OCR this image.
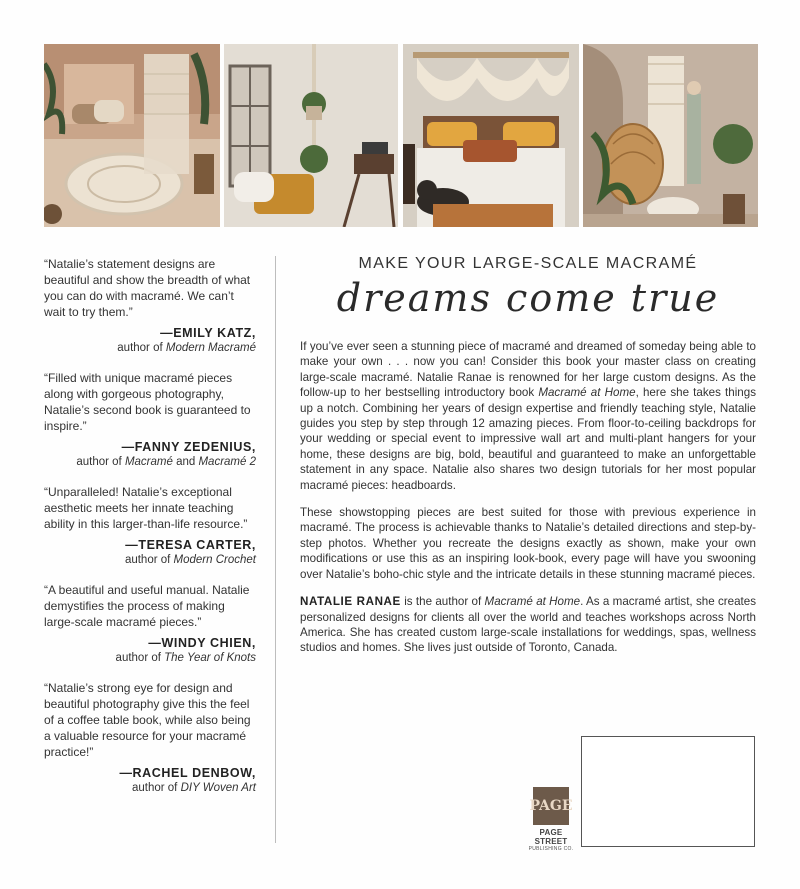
“Natalie’s statement designs are beautiful and show the breadth of what you can do with macramé. We can’t wait to try them.”

—EMILY KATZ,
author of Modern Macramé

“Filled with unique macramé pieces along with gorgeous photography, Natalie’s second book is guaranteed to inspire.”

—FANNY ZEDENIUS,
author of Macramé and Macramé 2

“Unparalleled! Natalie’s exceptional aesthetic meets her innate teaching ability in this larger-than-life resource.”

—TERESA CARTER,
author of Modern Crochet

“A beautiful and useful manual. Natalie demystifies the process of making large-scale macramé pieces.”

—WINDY CHIEN,
author of The Year of Knots

“Natalie’s strong eye for design and beautiful photography give this the feel of a coffee table book, while also being a valuable resource for your macramé practice!”

—RACHEL DENBOW,
author of DIY Woven Art

MAKE YOUR LARGE-SCALE MACRAMÉ

dreams come true

If you’ve ever seen a stunning piece of macramé and dreamed of someday being able to make your own . . . now you can! Consider this book your master class on creating large-scale macramé. Natalie Ranae is renowned for her large custom designs. As the follow-up to her bestselling introductory book Macramé at Home, here she takes things up a notch. Combining her years of design expertise and friendly teaching style, Natalie guides you step by step through 12 amazing pieces. From floor-to-ceiling backdrops for your wedding or special event to impressive wall art and multi-plant hangers for your home, these designs are big, bold, beautiful and guaranteed to make an unforgettable statement in any space. Natalie also shares two design tutorials for her most popular macramé pieces: headboards.

These showstopping pieces are best suited for those with previous experience in macramé. The process is achievable thanks to Natalie’s detailed directions and step-by-step photos. Whether you recreate the designs exactly as shown, make your own modifications or use this as an inspiring look-book, every page will have you swooning over Natalie’s boho-chic style and the intricate details in these stunning macramé pieces.

NATALIE RANAE is the author of Macramé at Home. As a macramé artist, she creates personalized designs for clients all over the world and teaches workshops across North America. She has created custom large-scale installations for weddings, spas, wellness studios and homes. She lives just outside of Toronto, Canada.

PAGE
PAGE STREET
PUBLISHING CO.
